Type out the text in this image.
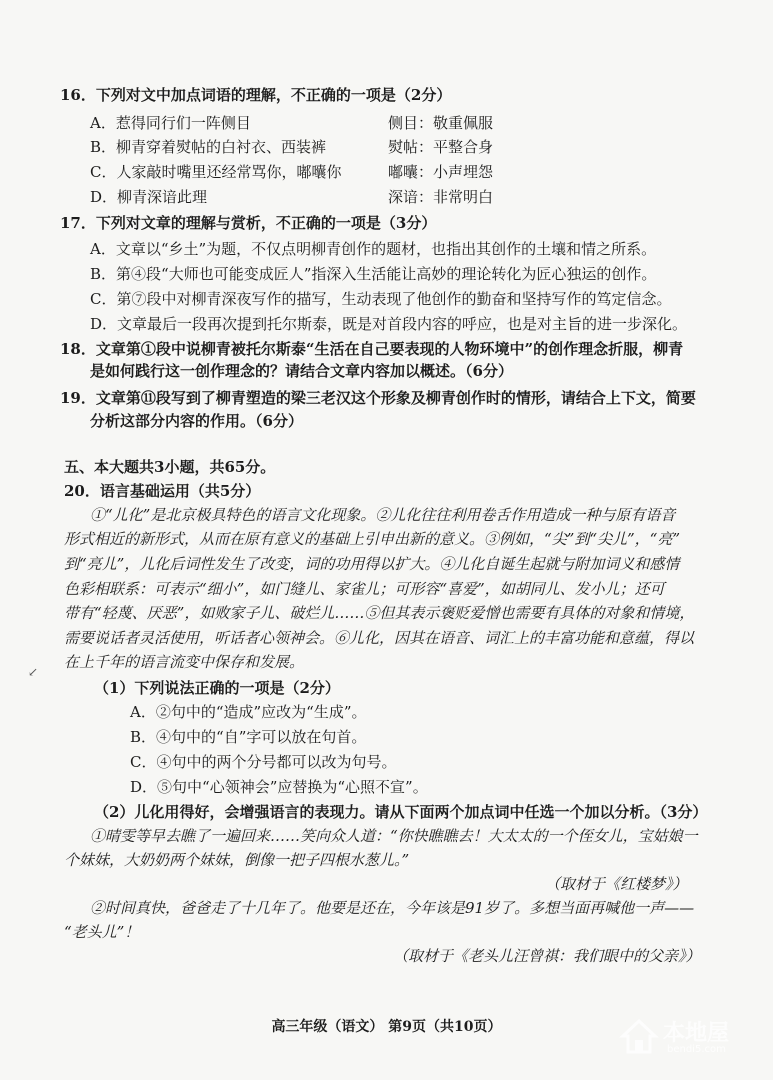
16．下列对文中加点词语的理解，不正确的一项是（2分）
A．惹得同行们一阵侧目	侧目：敬重佩服
B．柳青穿着熨帖的白衬衣、西装裤	熨帖：平整合身
C．人家敲时嘴里还经常骂你，嘟囔你	嘟囔：小声埋怨
D．柳青深谙此理	深谙：非常明白
17．下列对文章的理解与赏析，不正确的一项是（3分）
A．文章以“乡土”为题，不仅点明柳青创作的题材，也指出其创作的土壤和情之所系。
B．第④段“大师也可能变成匠人”指深入生活能让高妙的理论转化为匠心独运的创作。
C．第⑦段中对柳青深夜写作的描写，生动表现了他创作的勤奋和坚持写作的笃定信念。
D．文章最后一段再次提到托尔斯泰，既是对首段内容的呼应，也是对主旨的进一步深化。
18．文章第①段中说柳青被托尔斯泰“生活在自己要表现的人物环境中”的创作理念折服，柳青
是如何践行这一创作理念的？请结合文章内容加以概述。（6分）
19．文章第⑪段写到了柳青塑造的梁三老汉这个形象及柳青创作时的情形，请结合上下文，简要
分析这部分内容的作用。（6分）
五、本大题共3小题，共65分。
20．语言基础运用（共5分）
①“儿化”是北京极具特色的语言文化现象。②儿化往往利用卷舌作用造成一种与原有语音
形式相近的新形式，从而在原有意义的基础上引申出新的意义。③例如，“尖”到“尖儿”，“亮”
到“亮儿”，儿化后词性发生了改变，词的功用得以扩大。④儿化自诞生起就与附加词义和感情
色彩相联系：可表示“细小”，如门缝儿、家雀儿；可形容“喜爱”，如胡同儿、发小儿；还可
带有“轻蔑、厌恶”，如败家子儿、破烂儿……⑤但其表示褒贬爱憎也需要有具体的对象和情境，
需要说话者灵活使用，听话者心领神会。⑥儿化，因其在语音、词汇上的丰富功能和意蕴，得以
在上千年的语言流变中保存和发展。
（1）下列说法正确的一项是（2分）
A．②句中的“造成”应改为“生成”。
B．④句中的“自”字可以放在句首。
C．④句中的两个分号都可以改为句号。
D．⑤句中“心领神会”应替换为“心照不宣”。
（2）儿化用得好，会增强语言的表现力。请从下面两个加点词中任选一个加以分析。（3分）
①晴雯等早去瞧了一遍回来……笑向众人道：“你快瞧瞧去！大太太的一个侄女儿，宝姑娘一
个妹妹，大奶奶两个妹妹，倒像一把子四根水葱儿。”
（取材于《红楼梦》）
②时间真快，爸爸走了十几年了。他要是还在，今年该是91岁了。多想当面再喊他一声——
“老头儿”！
（取材于《老头儿汪曾祺：我们眼中的父亲》）
↙
高三年级（语文） 第9页（共10页）	本地屋
bendi5.com
